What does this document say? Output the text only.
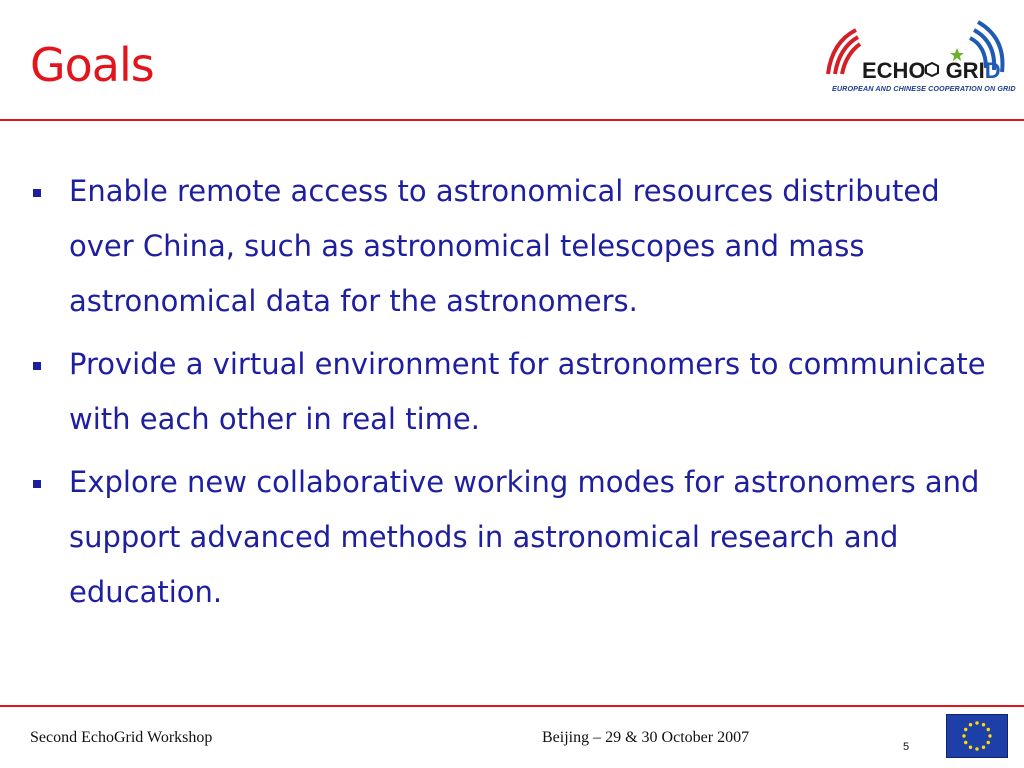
Goals	ECHO GRID
EUROPEAN AND CHINESE COOPERATION ON GRID
Enable remote access to astronomical resources distributed over China, such as astronomical telescopes and mass astronomical data for the astronomers.
Provide a virtual environment for astronomers to communicate with each other in real time.
Explore new collaborative working modes for astronomers and support advanced methods in astronomical research and education.
Second EchoGrid Workshop	Beijing – 29 & 30 October 2007
5
